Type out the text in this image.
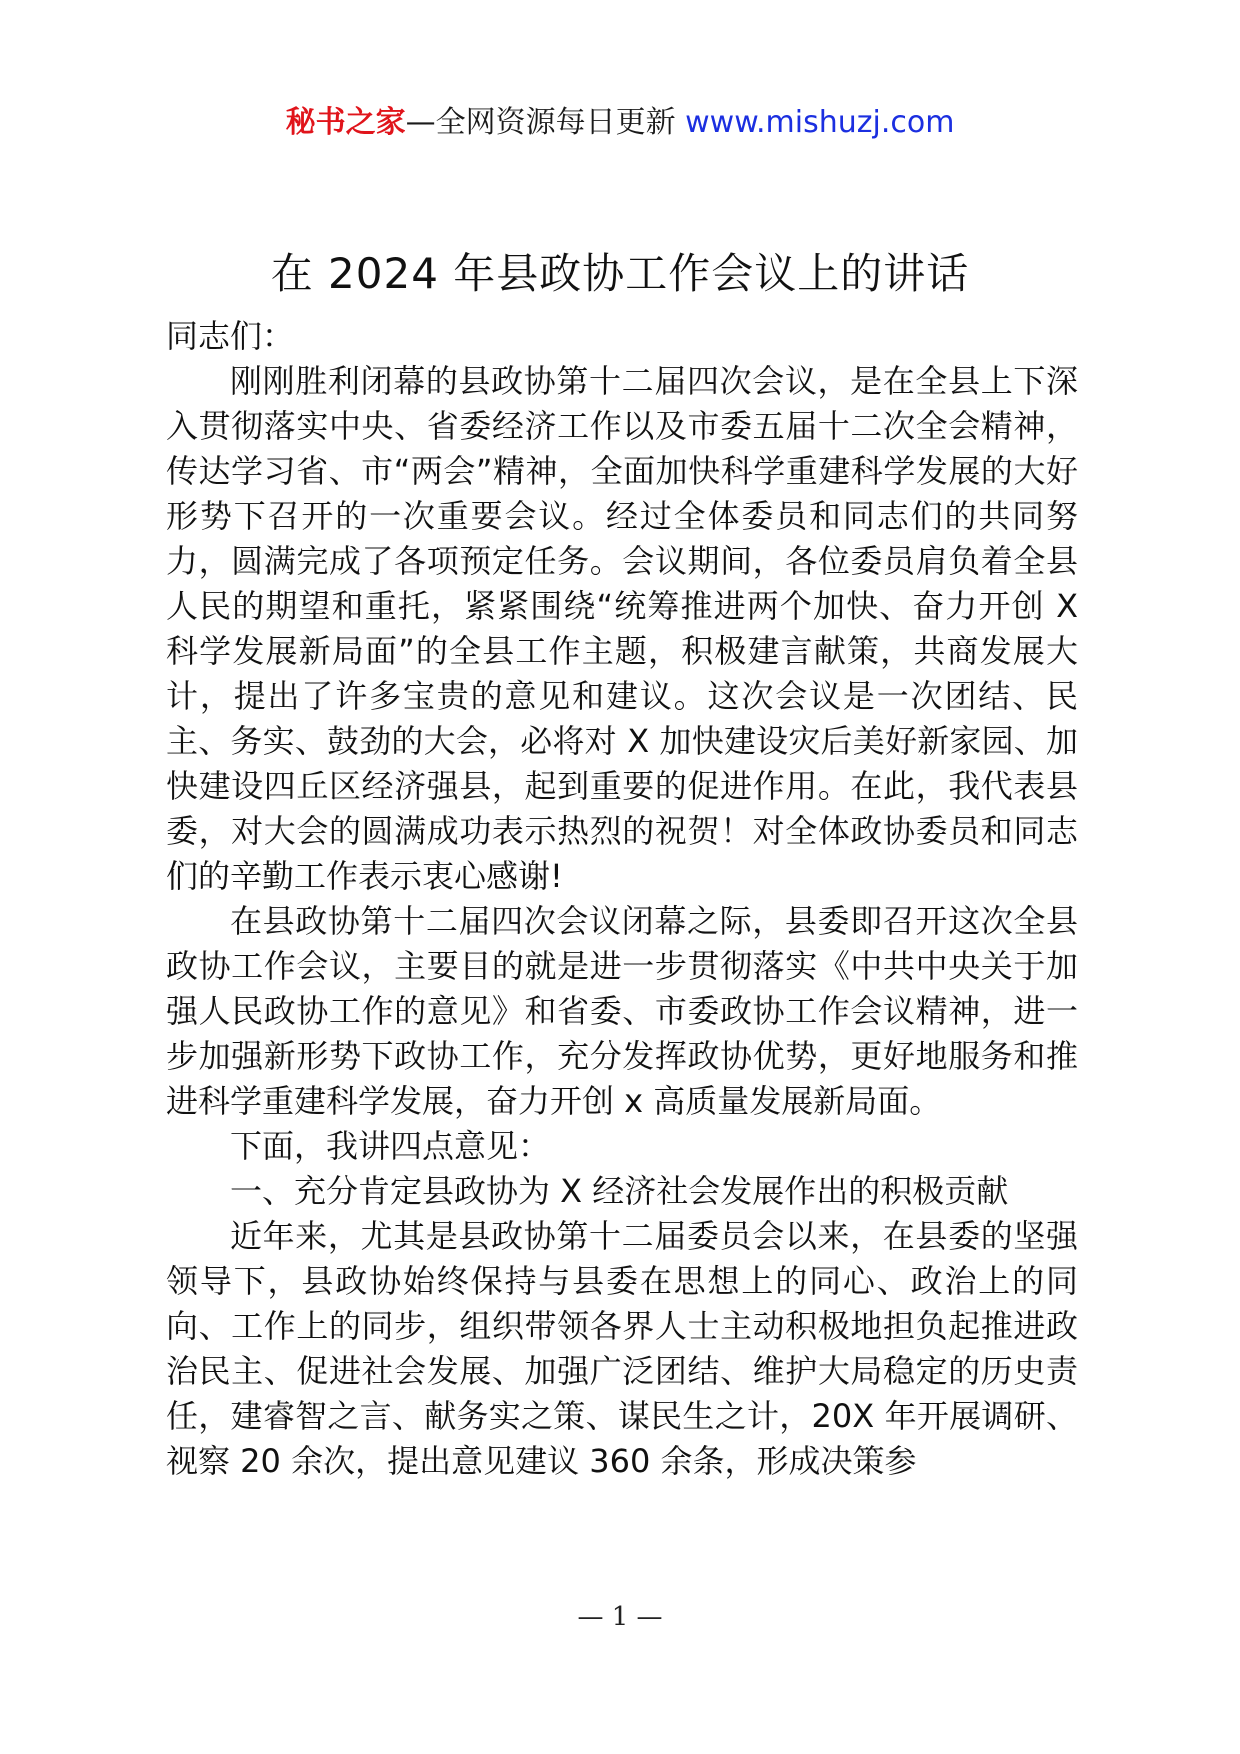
秘书之家—全网资源每日更新 www.mishuzj.com
在 2024 年县政协工作会议上的讲话

同志们：

刚刚胜利闭幕的县政协第十二届四次会议，是在全县上下深入贯彻落实中央、省委经济工作以及市委五届十二次全会精神，传达学习省、市“两会”精神，全面加快科学重建科学发展的大好形势下召开的一次重要会议。经过全体委员和同志们的共同努力，圆满完成了各项预定任务。会议期间，各位委员肩负着全县人民的期望和重托，紧紧围绕“统筹推进两个加快、奋力开创 X 科学发展新局面”的全县工作主题，积极建言献策，共商发展大计，提出了许多宝贵的意见和建议。这次会议是一次团结、民主、务实、鼓劲的大会，必将对 X 加快建设灾后美好新家园、加快建设四丘区经济强县，起到重要的促进作用。在此，我代表县委，对大会的圆满成功表示热烈的祝贺！对全体政协委员和同志们的辛勤工作表示衷心感谢!

在县政协第十二届四次会议闭幕之际，县委即召开这次全县政协工作会议，主要目的就是进一步贯彻落实《中共中央关于加强人民政协工作的意见》和省委、市委政协工作会议精神，进一步加强新形势下政协工作，充分发挥政协优势，更好地服务和推进科学重建科学发展，奋力开创 x 高质量发展新局面。

下面，我讲四点意见：

一、充分肯定县政协为 X 经济社会发展作出的积极贡献

近年来，尤其是县政协第十二届委员会以来，在县委的坚强领导下，县政协始终保持与县委在思想上的同心、政治上的同向、工作上的同步，组织带领各界人士主动积极地担负起推进政治民主、促进社会发展、加强广泛团结、维护大局稳定的历史责任，建睿智之言、献务实之策、谋民生之计，20X 年开展调研、视察 20 余次，提出意见建议 360 余条，形成决策参

— 1 —
